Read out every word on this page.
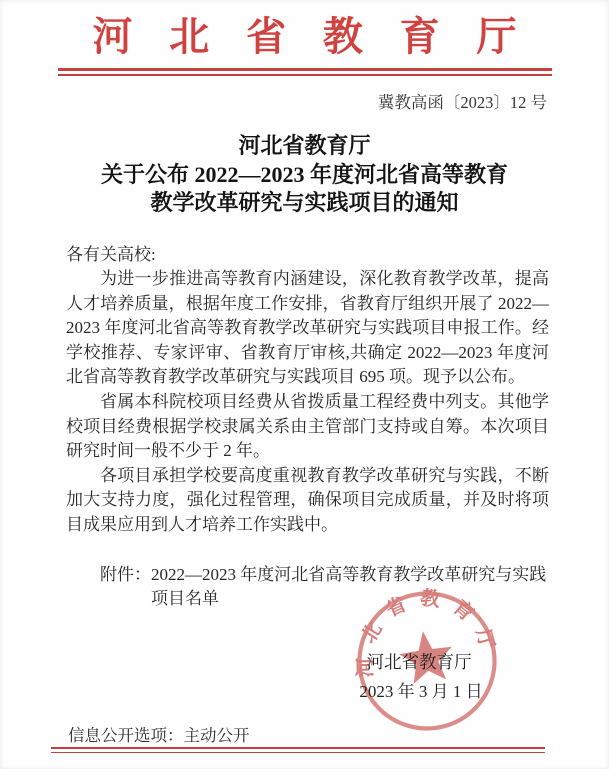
河北省教育厅
冀教高函〔2023〕12 号
河北省教育厅
关于公布 2022—2023 年度河北省高等教育
教学改革研究与实践项目的通知
各有关高校:

为进一步推进高等教育内涵建设，深化教育教学改革，提高人才培养质量，根据年度工作安排，省教育厅组织开展了 2022—2023 年度河北省高等教育教学改革研究与实践项目申报工作。经学校推荐、专家评审、省教育厅审核,共确定 2022—2023 年度河北省高等教育教学改革研究与实践项目 695 项。现予以公布。

省属本科院校项目经费从省拨质量工程经费中列支。其他学校项目经费根据学校隶属关系由主管部门支持或自筹。本次项目研究时间一般不少于 2 年。

各项目承担学校要高度重视教育教学改革研究与实践，不断加大支持力度，强化过程管理，确保项目完成质量，并及时将项目成果应用到人才培养工作实践中。

附件： 2022—2023 年度河北省高等教育教学改革研究与实践
项目名单
河北省教育厅
河北省教育厅
2023 年 3 月 1 日
信息公开选项：主动公开
